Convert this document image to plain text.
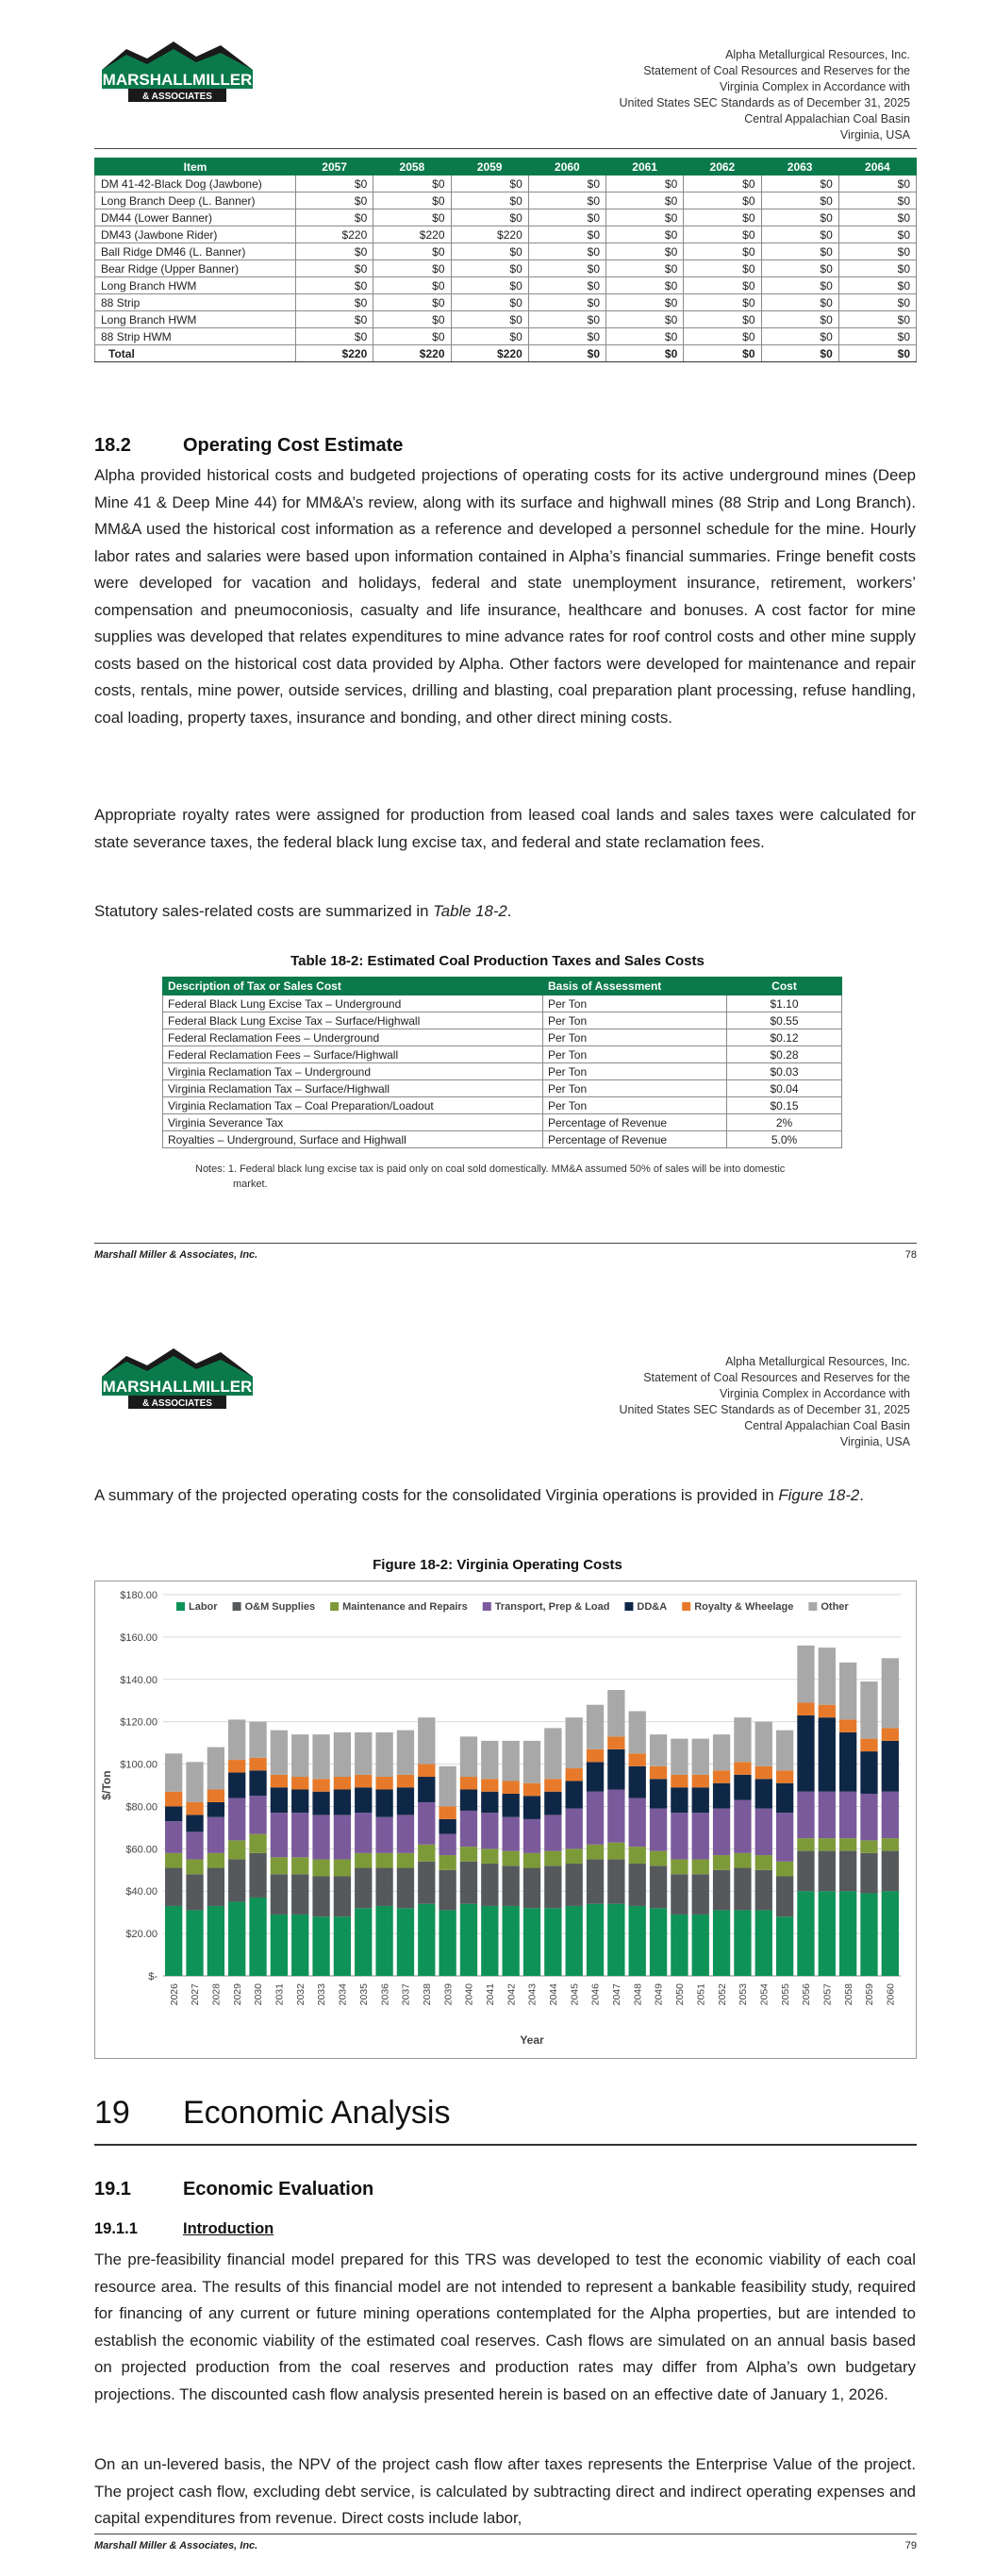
MARSHALLMILLER
& ASSOCIATES
Alpha Metallurgical Resources, Inc.
Statement of Coal Resources and Reserves for the
Virginia Complex in Accordance with
United States SEC Standards as of December 31, 2025
Central Appalachian Coal Basin
Virginia, USA
Item	2057	2058	2059	2060	2061	2062	2063	2064
DM 41-42-Black Dog (Jawbone)	$0	$0	$0	$0	$0	$0	$0	$0
Long Branch Deep (L. Banner)	$0	$0	$0	$0	$0	$0	$0	$0
DM44 (Lower Banner)	$0	$0	$0	$0	$0	$0	$0	$0
DM43 (Jawbone Rider)	$220	$220	$220	$0	$0	$0	$0	$0
Ball Ridge DM46 (L. Banner)	$0	$0	$0	$0	$0	$0	$0	$0
Bear Ridge (Upper Banner)	$0	$0	$0	$0	$0	$0	$0	$0
Long Branch HWM	$0	$0	$0	$0	$0	$0	$0	$0
88 Strip	$0	$0	$0	$0	$0	$0	$0	$0
Long Branch HWM	$0	$0	$0	$0	$0	$0	$0	$0
88 Strip HWM	$0	$0	$0	$0	$0	$0	$0	$0
Total	$220	$220	$220	$0	$0	$0	$0	$0
18.2	Operating Cost Estimate
Alpha provided historical costs and budgeted projections of operating costs for its active underground mines (Deep Mine 41 & Deep Mine 44) for MM&A’s review, along with its surface and highwall mines (88 Strip and Long Branch). MM&A used the historical cost information as a reference and developed a personnel schedule for the mine. Hourly labor rates and salaries were based upon information contained in Alpha’s financial summaries. Fringe benefit costs were developed for vacation and holidays, federal and state unemployment insurance, retirement, workers’ compensation and pneumoconiosis, casualty and life insurance, healthcare and bonuses. A cost factor for mine supplies was developed that relates expenditures to mine advance rates for roof control costs and other mine supply costs based on the historical cost data provided by Alpha. Other factors were developed for maintenance and repair costs, rentals, mine power, outside services, drilling and blasting, coal preparation plant processing, refuse handling, coal loading, property taxes, insurance and bonding, and other direct mining costs.
Appropriate royalty rates were assigned for production from leased coal lands and sales taxes were calculated for state severance taxes, the federal black lung excise tax, and federal and state reclamation fees.
Statutory sales-related costs are summarized in Table 18-2.
Table 18-2: Estimated Coal Production Taxes and Sales Costs
Description of Tax or Sales Cost	Basis of Assessment	Cost
Federal Black Lung Excise Tax – Underground	Per Ton	$1.10
Federal Black Lung Excise Tax – Surface/Highwall	Per Ton	$0.55
Federal Reclamation Fees – Underground	Per Ton	$0.12
Federal Reclamation Fees – Surface/Highwall	Per Ton	$0.28
Virginia Reclamation Tax – Underground	Per Ton	$0.03
Virginia Reclamation Tax – Surface/Highwall	Per Ton	$0.04
Virginia Reclamation Tax – Coal Preparation/Loadout	Per Ton	$0.15
Virginia Severance Tax	Percentage of Revenue	2%
Royalties – Underground, Surface and Highwall	Percentage of Revenue	5.0%
Notes: 1. Federal black lung excise tax is paid only on coal sold domestically. MM&A assumed 50% of sales will be into domestic
market.
Marshall Miller & Associates, Inc.	78
MARSHALLMILLER
& ASSOCIATES
Alpha Metallurgical Resources, Inc.
Statement of Coal Resources and Reserves for the
Virginia Complex in Accordance with
United States SEC Standards as of December 31, 2025
Central Appalachian Coal Basin
Virginia, USA
A summary of the projected operating costs for the consolidated Virginia operations is provided in Figure 18-2.
Figure 18-2: Virginia Operating Costs
$-
$20.00
$40.00
$60.00
$80.00
$100.00
$120.00
$140.00
$160.00
$180.00
2026 2027 2028 2029 2030 2031 2032 2033 2034 2035 2036 2037 2038 2039 2040 2041 2042 2043 2044 2045 2046 2047 2048 2049 2050 2051 2052 2053 2054 2055 2056 2057 2058 2059 2060
Year
$/Ton
Labor	O&M Supplies	Maintenance and Repairs	Transport, Prep & Load	DD&A	Royalty & Wheelage	Other
19 Economic Analysis
19.1	Economic Evaluation
19.1.1	Introduction
The pre-feasibility financial model prepared for this TRS was developed to test the economic viability of each coal resource area. The results of this financial model are not intended to represent a bankable feasibility study, required for financing of any current or future mining operations contemplated for the Alpha properties, but are intended to establish the economic viability of the estimated coal reserves. Cash flows are simulated on an annual basis based on projected production from the coal reserves and production rates may differ from Alpha’s own budgetary projections. The discounted cash flow analysis presented herein is based on an effective date of January 1, 2026.
On an un-levered basis, the NPV of the project cash flow after taxes represents the Enterprise Value of the project. The project cash flow, excluding debt service, is calculated by subtracting direct and indirect operating expenses and capital expenditures from revenue. Direct costs include labor,
Marshall Miller & Associates, Inc.	79
